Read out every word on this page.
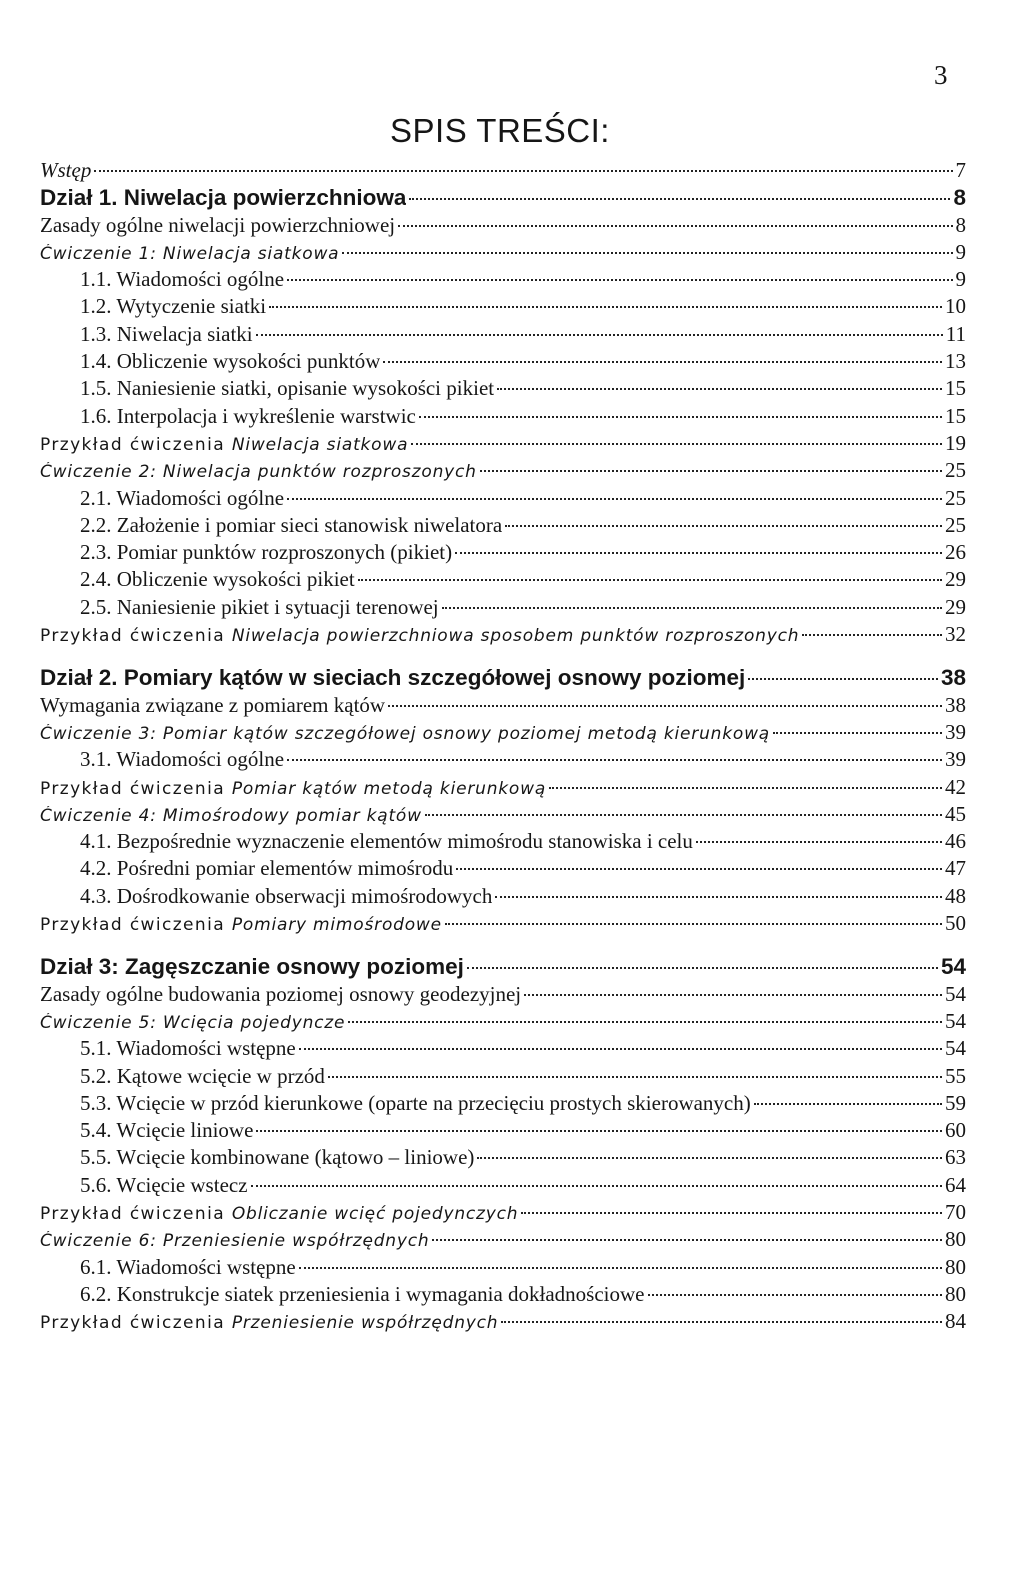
3
SPIS TREŚCI:
Wstęp	7
Dział 1. Niwelacja powierzchniowa	8
Zasady ogólne niwelacji powierzchniowej	8
Ćwiczenie 1: Niwelacja siatkowa	9
1.1. Wiadomości ogólne	9
1.2. Wytyczenie siatki	10
1.3. Niwelacja siatki	11
1.4. Obliczenie wysokości punktów	13
1.5. Naniesienie siatki, opisanie wysokości pikiet	15
1.6. Interpolacja i wykreślenie warstwic	15
Przykład ćwiczenia Niwelacja siatkowa	19
Ćwiczenie 2: Niwelacja punktów rozproszonych	25
2.1. Wiadomości ogólne	25
2.2. Założenie i pomiar sieci stanowisk niwelatora	25
2.3. Pomiar punktów rozproszonych (pikiet)	26
2.4. Obliczenie wysokości pikiet	29
2.5. Naniesienie pikiet i sytuacji terenowej	29
Przykład ćwiczenia Niwelacja powierzchniowa sposobem punktów rozproszonych	32
Dział 2. Pomiary kątów w sieciach szczegółowej osnowy poziomej	38
Wymagania związane z pomiarem kątów	38
Ćwiczenie 3: Pomiar kątów szczegółowej osnowy poziomej metodą kierunkową	39
3.1. Wiadomości ogólne	39
Przykład ćwiczenia Pomiar kątów metodą kierunkową	42
Ćwiczenie 4: Mimośrodowy pomiar kątów	45
4.1. Bezpośrednie wyznaczenie elementów mimośrodu stanowiska i celu	46
4.2. Pośredni pomiar elementów mimośrodu	47
4.3. Dośrodkowanie obserwacji mimośrodowych	48
Przykład ćwiczenia Pomiary mimośrodowe	50
Dział 3: Zagęszczanie osnowy poziomej	54
Zasady ogólne budowania poziomej osnowy geodezyjnej	54
Ćwiczenie 5: Wcięcia pojedyncze	54
5.1. Wiadomości wstępne	54
5.2. Kątowe wcięcie w przód	55
5.3. Wcięcie w przód kierunkowe (oparte na przecięciu prostych skierowanych)	59
5.4. Wcięcie liniowe	60
5.5. Wcięcie kombinowane (kątowo – liniowe)	63
5.6. Wcięcie wstecz	64
Przykład ćwiczenia Obliczanie wcięć pojedynczych	70
Ćwiczenie 6: Przeniesienie współrzędnych	80
6.1. Wiadomości wstępne	80
6.2. Konstrukcje siatek przeniesienia i wymagania dokładnościowe	80
Przykład ćwiczenia Przeniesienie współrzędnych	84
